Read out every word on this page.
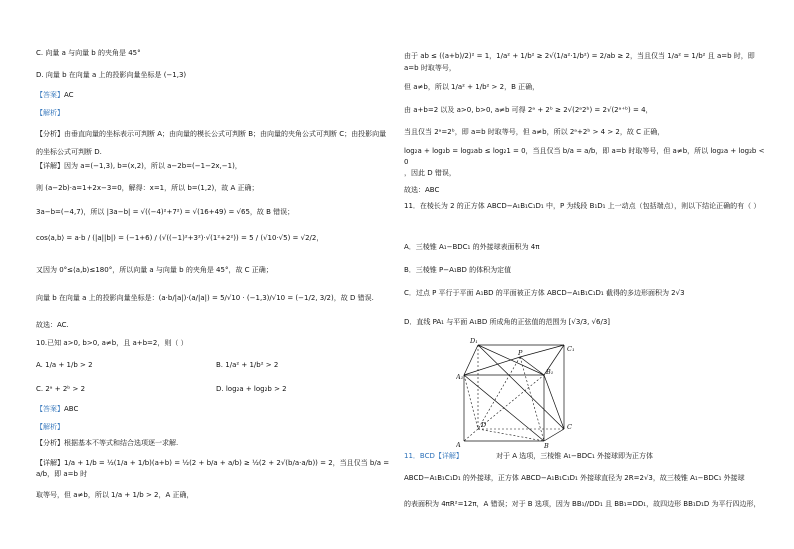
C. 向量 a 与向量 b 的夹角是 45°
D. 向量 b 在向量 a 上的投影向量坐标是 (−1,3)
【答案】AC
【解析】
【分析】由垂直向量的坐标表示可判断 A；由向量的模长公式可判断 B；由向量的夹角公式可判断 C；由投影向量的坐标公式可判断 D.
【详解】因为 a=(−1,3), b=(x,2)，所以 a−2b=(−1−2x,−1)，
则 (a−2b)·a=1+2x−3=0，解得：x=1，所以 b=(1,2)，故 A 正确；
3a−b=(−4,7)，所以 |3a−b| = √((−4)²+7²) = √(16+49) = √65，故 B 错误；
cos⟨a,b⟩ = a·b / (|a||b|) = (−1+6) / (√((−1)²+3²)·√(1²+2²)) = 5 / (√10·√5) = √2/2，
又因为 0°≤⟨a,b⟩≤180°，所以向量 a 与向量 b 的夹角是 45°，故 C 正确；
向量 b 在向量 a 上的投影向量坐标是：(a·b/|a|)·(a/|a|) = 5/√10 · (−1,3)/√10 = (−1/2, 3/2)，故 D 错误.
故选：AC.
10.已知 a>0, b>0, a≠b，且 a+b=2，则（ ）
A. 1/a + 1/b > 2	B. 1/a² + 1/b² > 2
C. 2ᵃ + 2ᵇ > 2	D. log₂a + log₂b > 2
【答案】ABC
【解析】
【分析】根据基本不等式和结合选项逐一求解.
【详解】1/a + 1/b = ½(1/a + 1/b)(a+b) = ½(2 + b/a + a/b) ≥ ½(2 + 2√(b/a·a/b)) = 2，当且仅当 b/a = a/b，即 a=b 时
取等号，但 a≠b，所以 1/a + 1/b > 2，A 正确，
由于 ab ≤ ((a+b)/2)² = 1，1/a² + 1/b² ≥ 2√(1/a²·1/b²) = 2/ab ≥ 2，当且仅当 1/a² = 1/b² 且 a=b 时，即 a=b 时取等号，
但 a≠b，所以 1/a² + 1/b² > 2，B 正确，
由 a+b=2 以及 a>0, b>0, a≠b 可得 2ᵃ + 2ᵇ ≥ 2√(2ᵃ2ᵇ) = 2√(2ᵃ⁺ᵇ) = 4，
当且仅当 2ᵃ=2ᵇ，即 a=b 时取等号，但 a≠b，所以 2ᵃ+2ᵇ > 4 > 2，故 C 正确，
log₂a + log₂b = log₂ab ≤ log₂1 = 0，当且仅当 b/a = a/b，即 a=b 时取等号，但 a≠b，所以 log₂a + log₂b < 0
，因此 D 错误，
故选：ABC
11．在棱长为 2 的正方体 ABCD−A₁B₁C₁D₁ 中，P 为线段 B₁D₁ 上一动点（包括端点），则以下结论正确的有（ ）
A．三棱锥 A₁−BDC₁ 的外接球表面积为 4π
B．三棱锥 P−A₁BD 的体积为定值
C．过点 P 平行于平面 A₁BD 的平面被正方体 ABCD−A₁B₁C₁D₁ 截得的多边形面积为 2√3
D．直线 PA₁ 与平面 A₁BD 所成角的正弦值的范围为 [√3/3, √6/3]
11．BCD【详解】	对于 A 选项，三棱锥 A₁−BDC₁ 外接球即为正方体
ABCD−A₁B₁C₁D₁ 的外接球，正方体 ABCD−A₁B₁C₁D₁ 外接球直径为 2R=2√3，故三棱锥 A₁−BDC₁ 外接球
的表面积为 4πR²=12π，A 错误；对于 B 选项，因为 BB₁//DD₁ 且 BB₁=DD₁，故四边形 BB₁D₁D 为平行四边形，
D₁
C₁
A₁
B₁
P
D	C
A	B
